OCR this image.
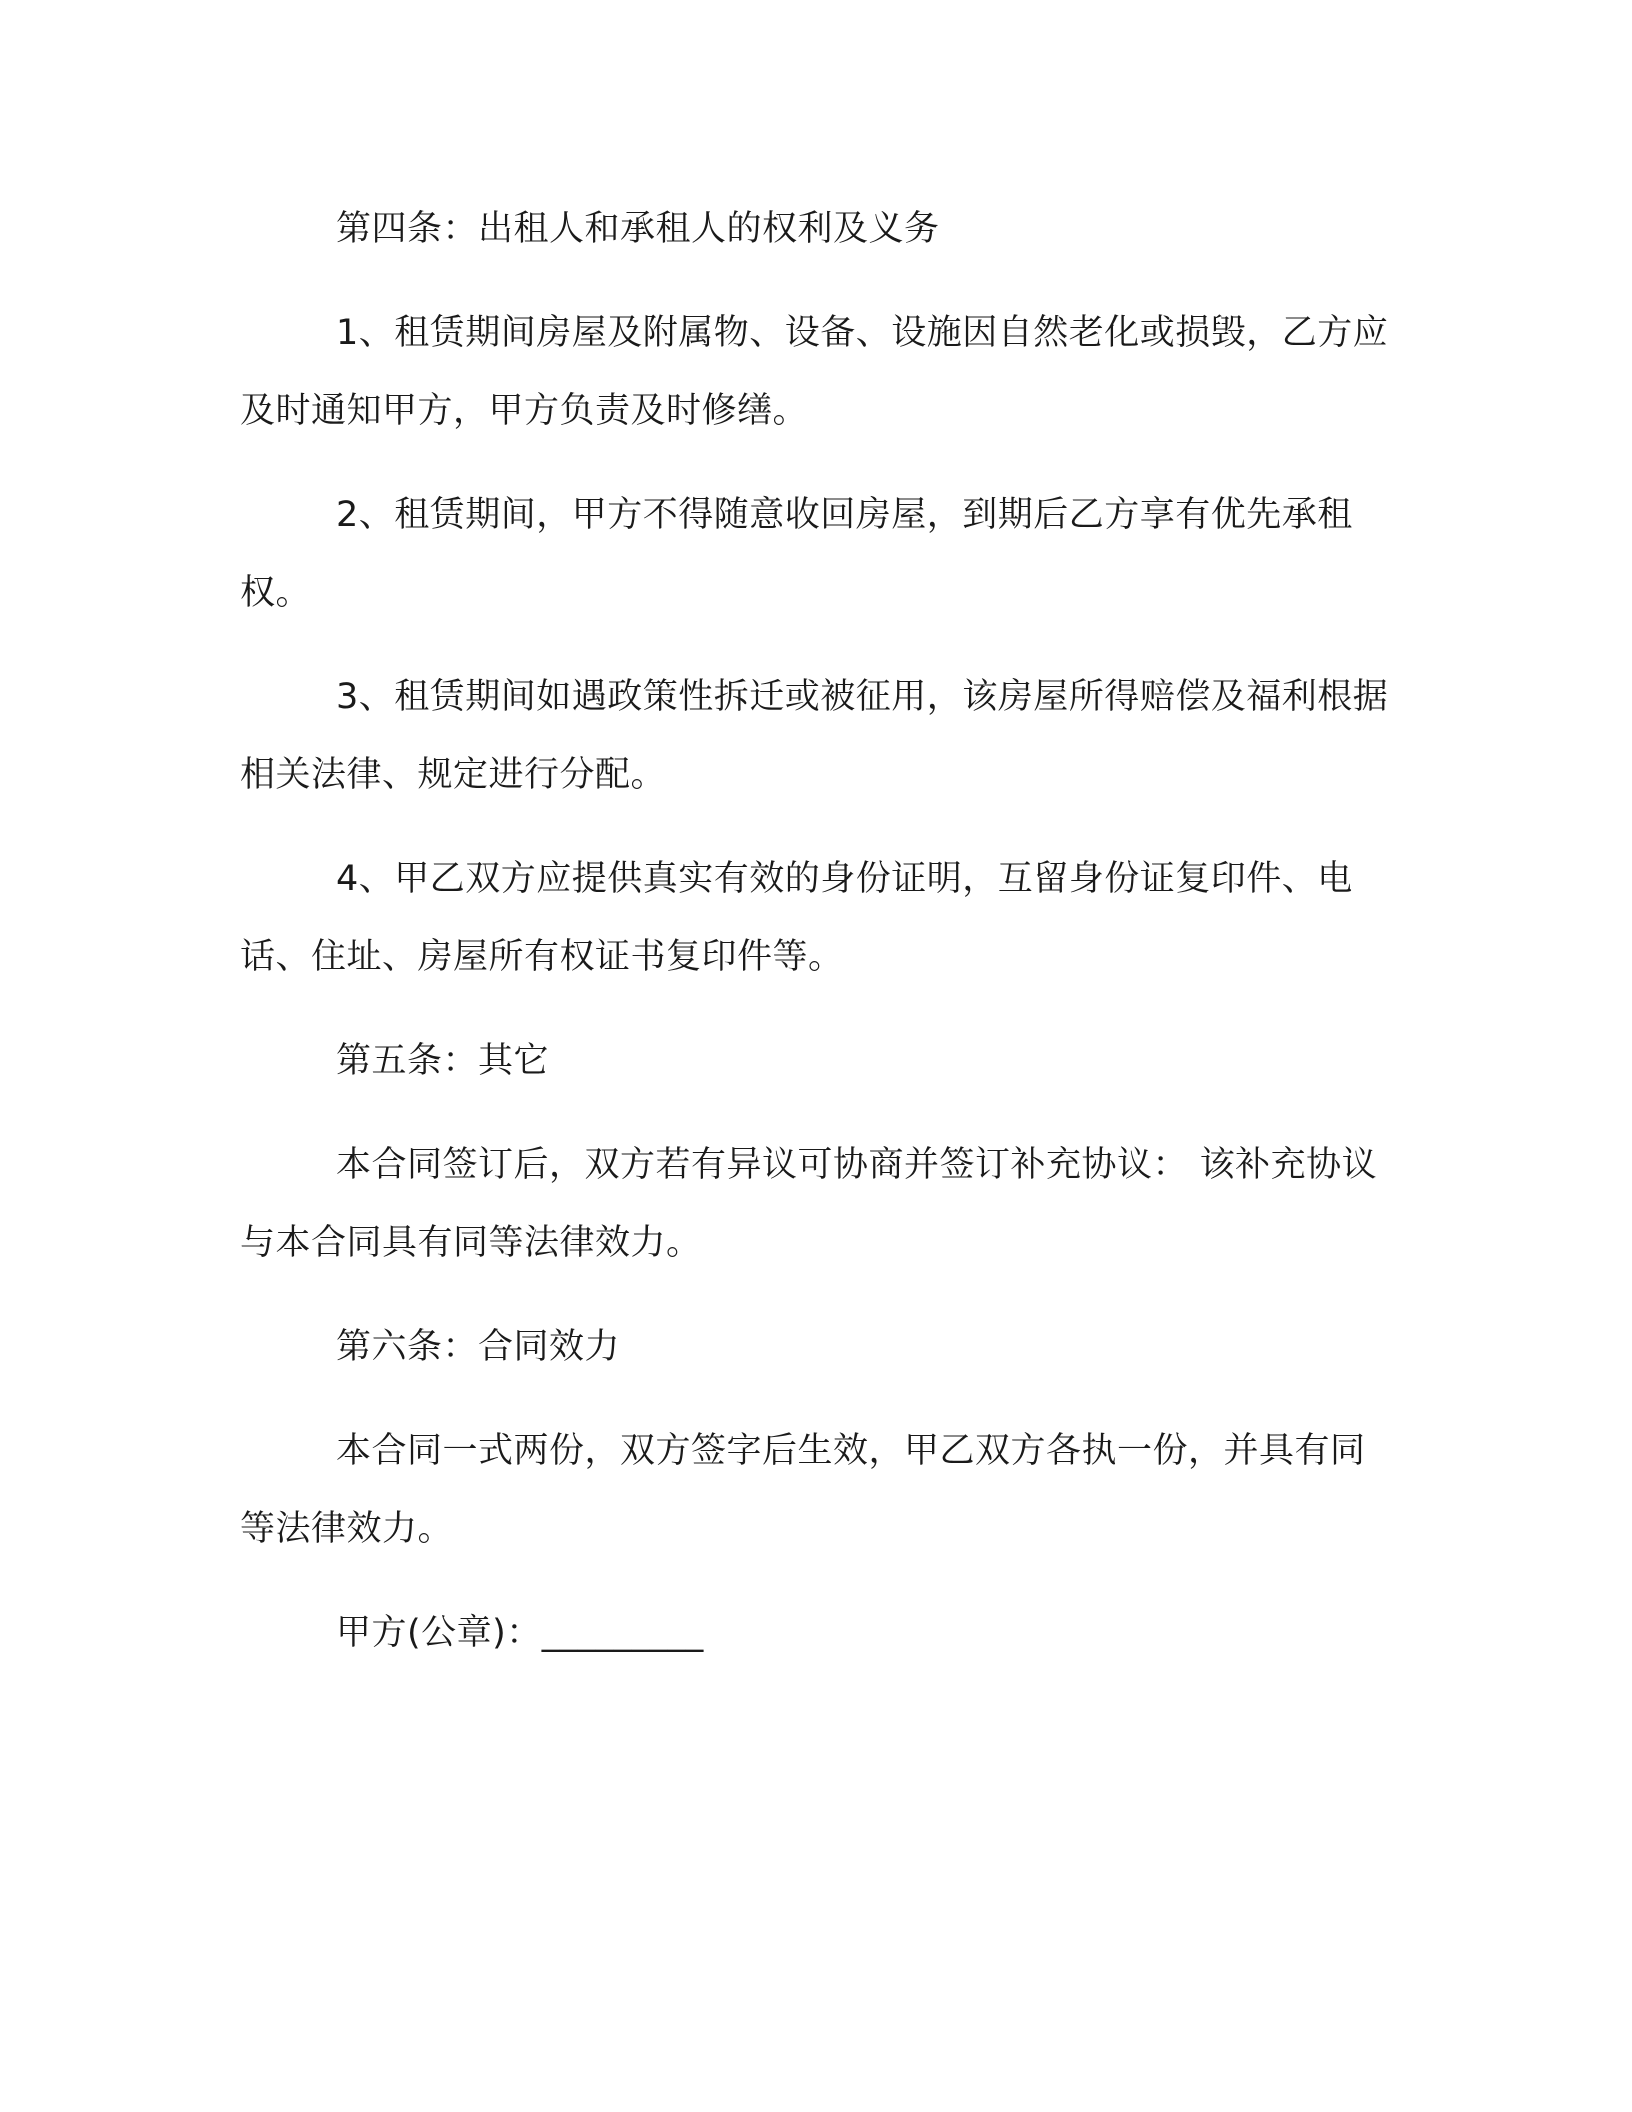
第四条：出租人和承租人的权利及义务

1、租赁期间房屋及附属物、设备、设施因自然老化或损毁，乙方应及时通知甲方，甲方负责及时修缮。

2、租赁期间，甲方不得随意收回房屋，到期后乙方享有优先承租权。

3、租赁期间如遇政策性拆迁或被征用，该房屋所得赔偿及福利根据相关法律、规定进行分配。

4、甲乙双方应提供真实有效的身份证明，互留身份证复印件、电话、住址、房屋所有权证书复印件等。

第五条：其它

本合同签订后，双方若有异议可协商并签订补充协议： 该补充协议与本合同具有同等法律效力。

第六条：合同效力

本合同一式两份，双方签字后生效，甲乙双方各执一份，并具有同等法律效力。

甲方(公章)：_________
